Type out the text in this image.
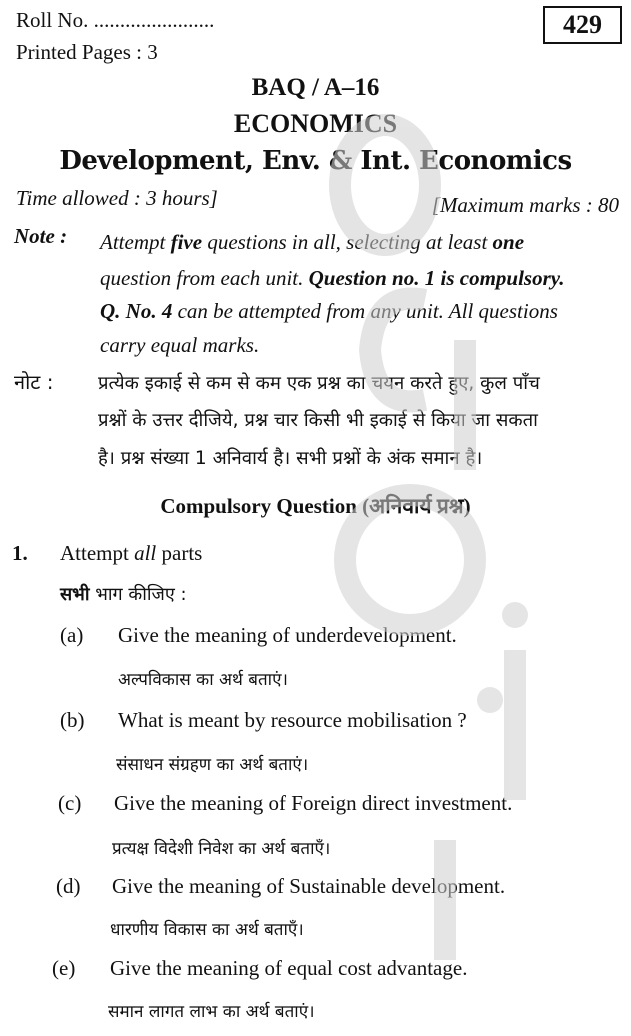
Roll No. .......................
Printed Pages : 3
429
BAQ / A–16
ECONOMICS
Development, Env. & Int. Economics
Time allowed : 3 hours]	[Maximum marks : 80
Note : Attempt five questions in all, selecting at least one
question from each unit. Question no. 1 is compulsory.
Q. No. 4 can be attempted from any unit. All questions
carry equal marks.
नोट : प्रत्येक इकाई से कम से कम एक प्रश्न का चयन करते हुए, कुल पाँच
प्रश्नों के उत्तर दीजिये, प्रश्न चार किसी भी इकाई से किया जा सकता
है। प्रश्न संख्या 1 अनिवार्य है। सभी प्रश्नों के अंक समान है।
Compulsory Question (अनिवार्य प्रश्न)
1. Attempt all parts
सभी भाग कीजिए :
(a) Give the meaning of underdevelopment.
अल्पविकास का अर्थ बताएं।
(b) What is meant by resource mobilisation ?
संसाधन संग्रहण का अर्थ बताएं।
(c) Give the meaning of Foreign direct investment.
प्रत्यक्ष विदेशी निवेश का अर्थ बताएँ।
(d) Give the meaning of Sustainable development.
धारणीय विकास का अर्थ बताएँ।
(e) Give the meaning of equal cost advantage.
समान लागत लाभ का अर्थ बताएं।
